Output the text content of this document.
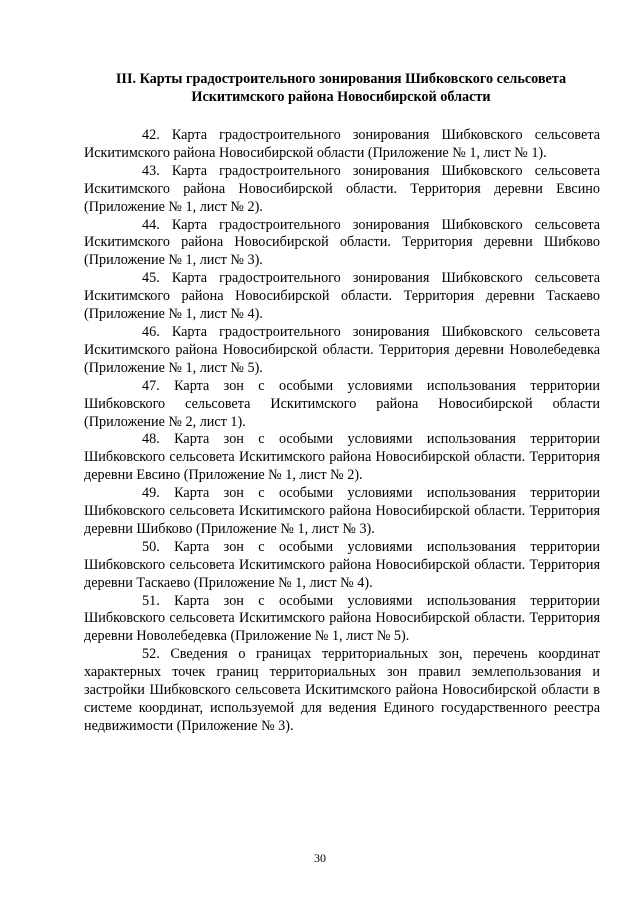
III. Карты градостроительного зонирования Шибковского сельсовета
Искитимского района Новосибирской области

42. Карта градостроительного зонирования Шибковского сельсовета Искитимского района Новосибирской области (Приложение № 1, лист № 1).

43. Карта градостроительного зонирования Шибковского сельсовета Искитимского района Новосибирской области. Территория деревни Евсино (Приложение № 1, лист № 2).

44. Карта градостроительного зонирования Шибковского сельсовета Искитимского района Новосибирской области. Территория деревни Шибково (Приложение № 1, лист № 3).

45. Карта градостроительного зонирования Шибковского сельсовета Искитимского района Новосибирской области. Территория деревни Таскаево (Приложение № 1, лист № 4).

46. Карта градостроительного зонирования Шибковского сельсовета Искитимского района Новосибирской области. Территория деревни Новолебедевка (Приложение № 1, лист № 5).

47. Карта зон с особыми условиями использования территории Шибковского сельсовета Искитимского района Новосибирской области (Приложение № 2, лист 1).

48. Карта зон с особыми условиями использования территории Шибковского сельсовета Искитимского района Новосибирской области. Территория деревни Евсино (Приложение № 1, лист № 2).

49. Карта зон с особыми условиями использования территории Шибковского сельсовета Искитимского района Новосибирской области. Территория деревни Шибково (Приложение № 1, лист № 3).

50. Карта зон с особыми условиями использования территории Шибковского сельсовета Искитимского района Новосибирской области. Территория деревни Таскаево (Приложение № 1, лист № 4).

51. Карта зон с особыми условиями использования территории Шибковского сельсовета Искитимского района Новосибирской области. Территория деревни Новолебедевка (Приложение № 1, лист № 5).

52. Сведения о границах территориальных зон, перечень координат характерных точек границ территориальных зон правил землепользования и застройки Шибковского сельсовета Искитимского района Новосибирской области в системе координат, используемой для ведения Единого государственного реестра недвижимости (Приложение № 3).

30
